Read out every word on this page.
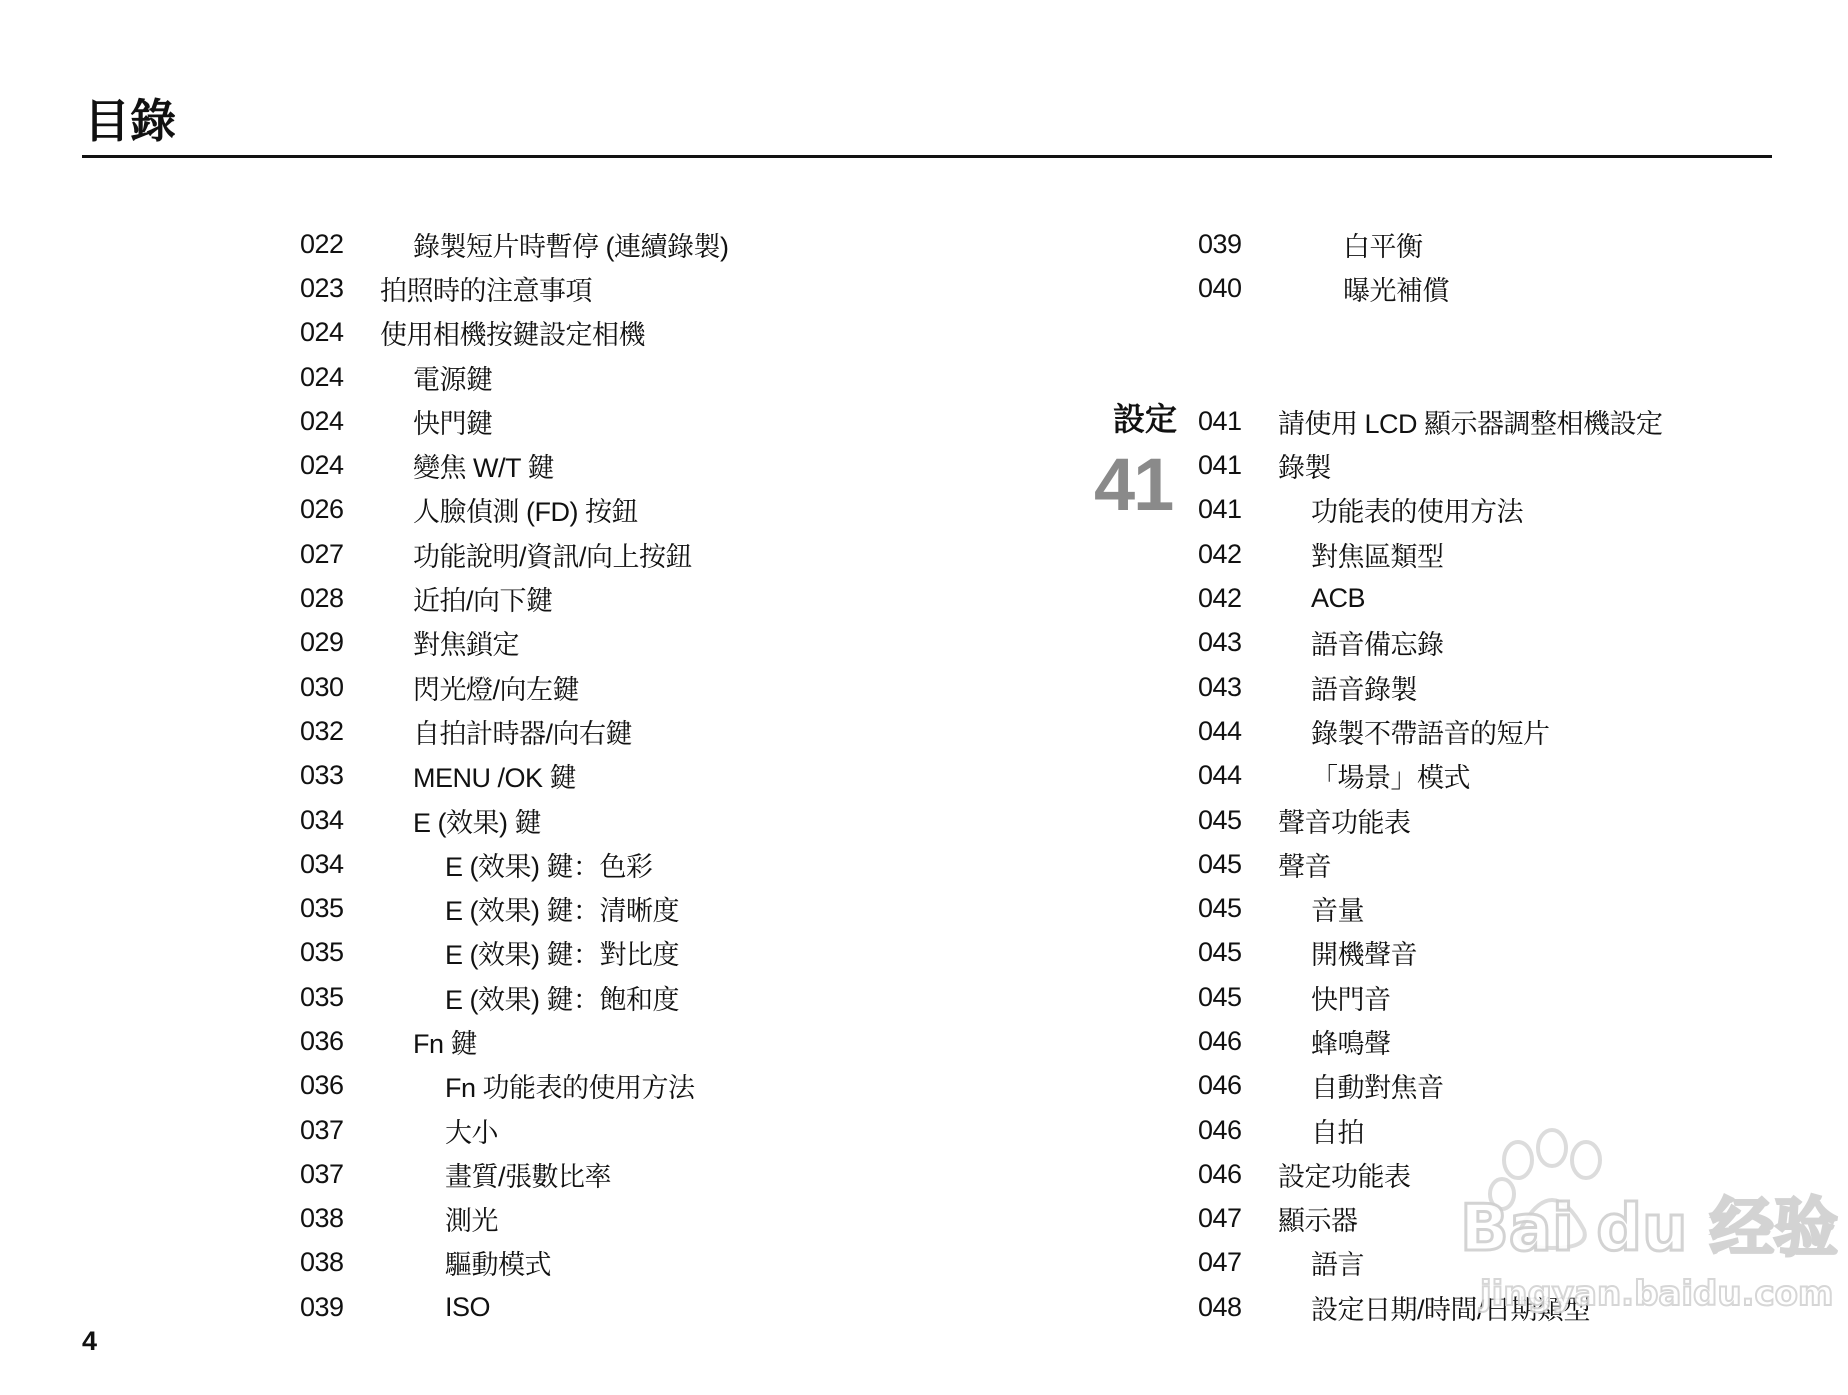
目錄
022	錄製短片時暫停 (連續錄製)
023	拍照時的注意事項
024	使用相機按鍵設定相機
024	電源鍵
024	快門鍵
024	變焦 W/T 鍵
026	人臉偵測 (FD) 按鈕
027	功能說明/資訊/向上按鈕
028	近拍/向下鍵
029	對焦鎖定
030	閃光燈/向左鍵
032	自拍計時器/向右鍵
033	MENU /OK 鍵
034	E (效果) 鍵
034	E (效果) 鍵：色彩
035	E (效果) 鍵：清晰度
035	E (效果) 鍵：對比度
035	E (效果) 鍵：飽和度
036	Fn 鍵
036	Fn 功能表的使用方法
037	大小
037	畫質/張數比率
038	測光
038	驅動模式
039	ISO
設定
41
039	白平衡
040	曝光補償
041	請使用 LCD 顯示器調整相機設定
041	錄製
041	功能表的使用方法
042	對焦區類型
042	ACB
043	語音備忘錄
043	語音錄製
044	錄製不帶語音的短片
044	「場景」模式
045	聲音功能表
045	聲音
045	音量
045	開機聲音
045	快門音
046	蜂鳴聲
046	自動對焦音
046	自拍
046	設定功能表
047	顯示器
047	語言
048	設定日期/時間/日期類型
4
Bai du 经验
jingyan.baidu.com
